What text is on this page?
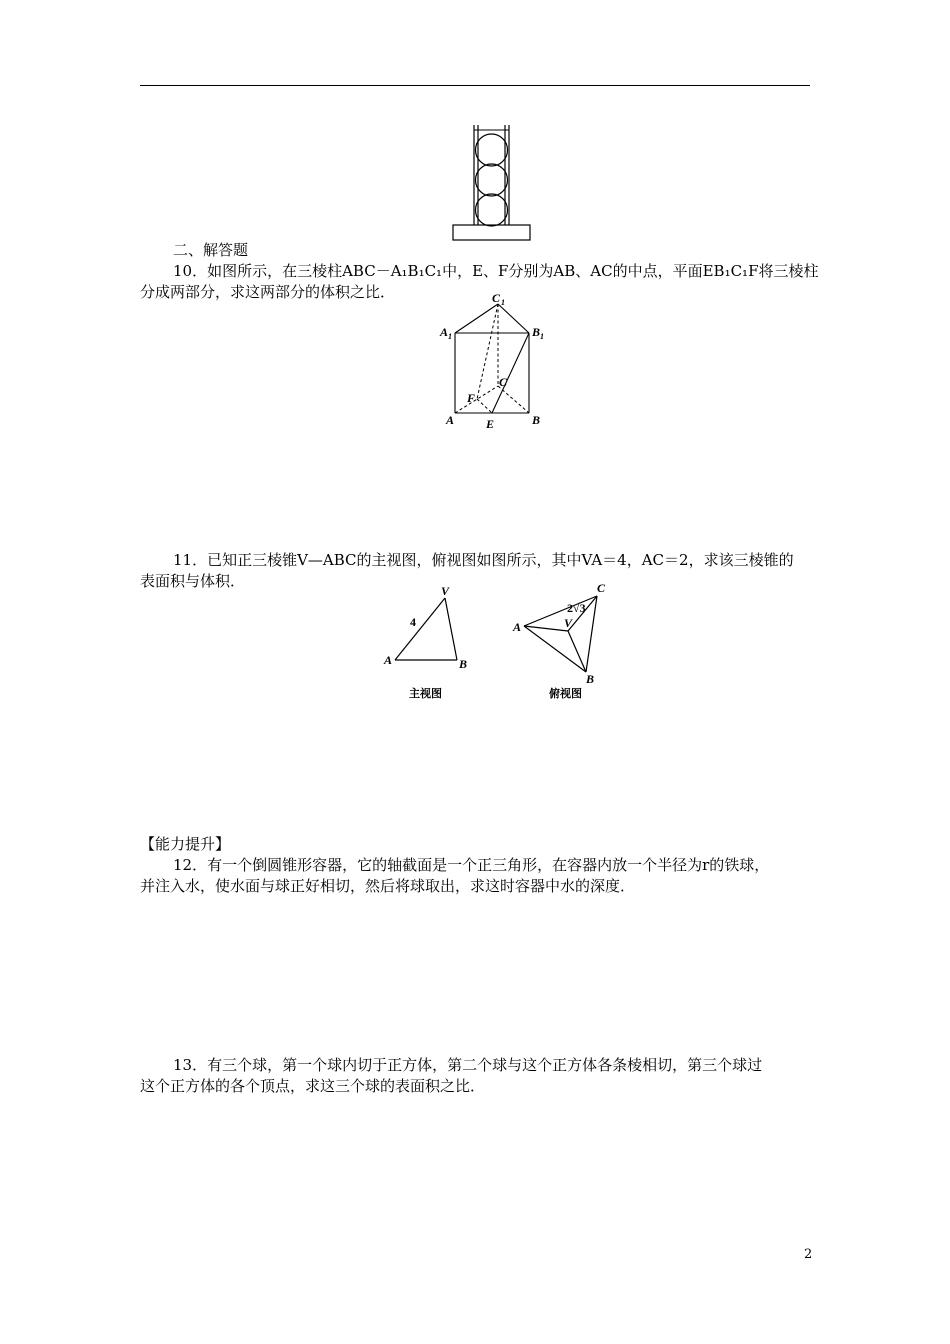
二、解答题
10．如图所示，在三棱柱ABC－A₁B₁C₁中，E、F分别为AB、AC的中点，平面EB₁C₁F将三棱柱
分成两部分，求这两部分的体积之比．	C 1
A 1	B 1
C
F
A	E	B
11．已知正三棱锥V—ABC的主视图，俯视图如图所示，其中VA＝4，AC＝2，求该三棱锥的
表面积与体积．
V
4
A	B
主视图
C
2√3
A	V
B
俯视图
【能力提升】
12．有一个倒圆锥形容器，它的轴截面是一个正三角形，在容器内放一个半径为r的铁球，
并注入水，使水面与球正好相切，然后将球取出，求这时容器中水的深度．
13．有三个球，第一个球内切于正方体，第二个球与这个正方体各条棱相切，第三个球过
这个正方体的各个顶点，求这三个球的表面积之比．
2
